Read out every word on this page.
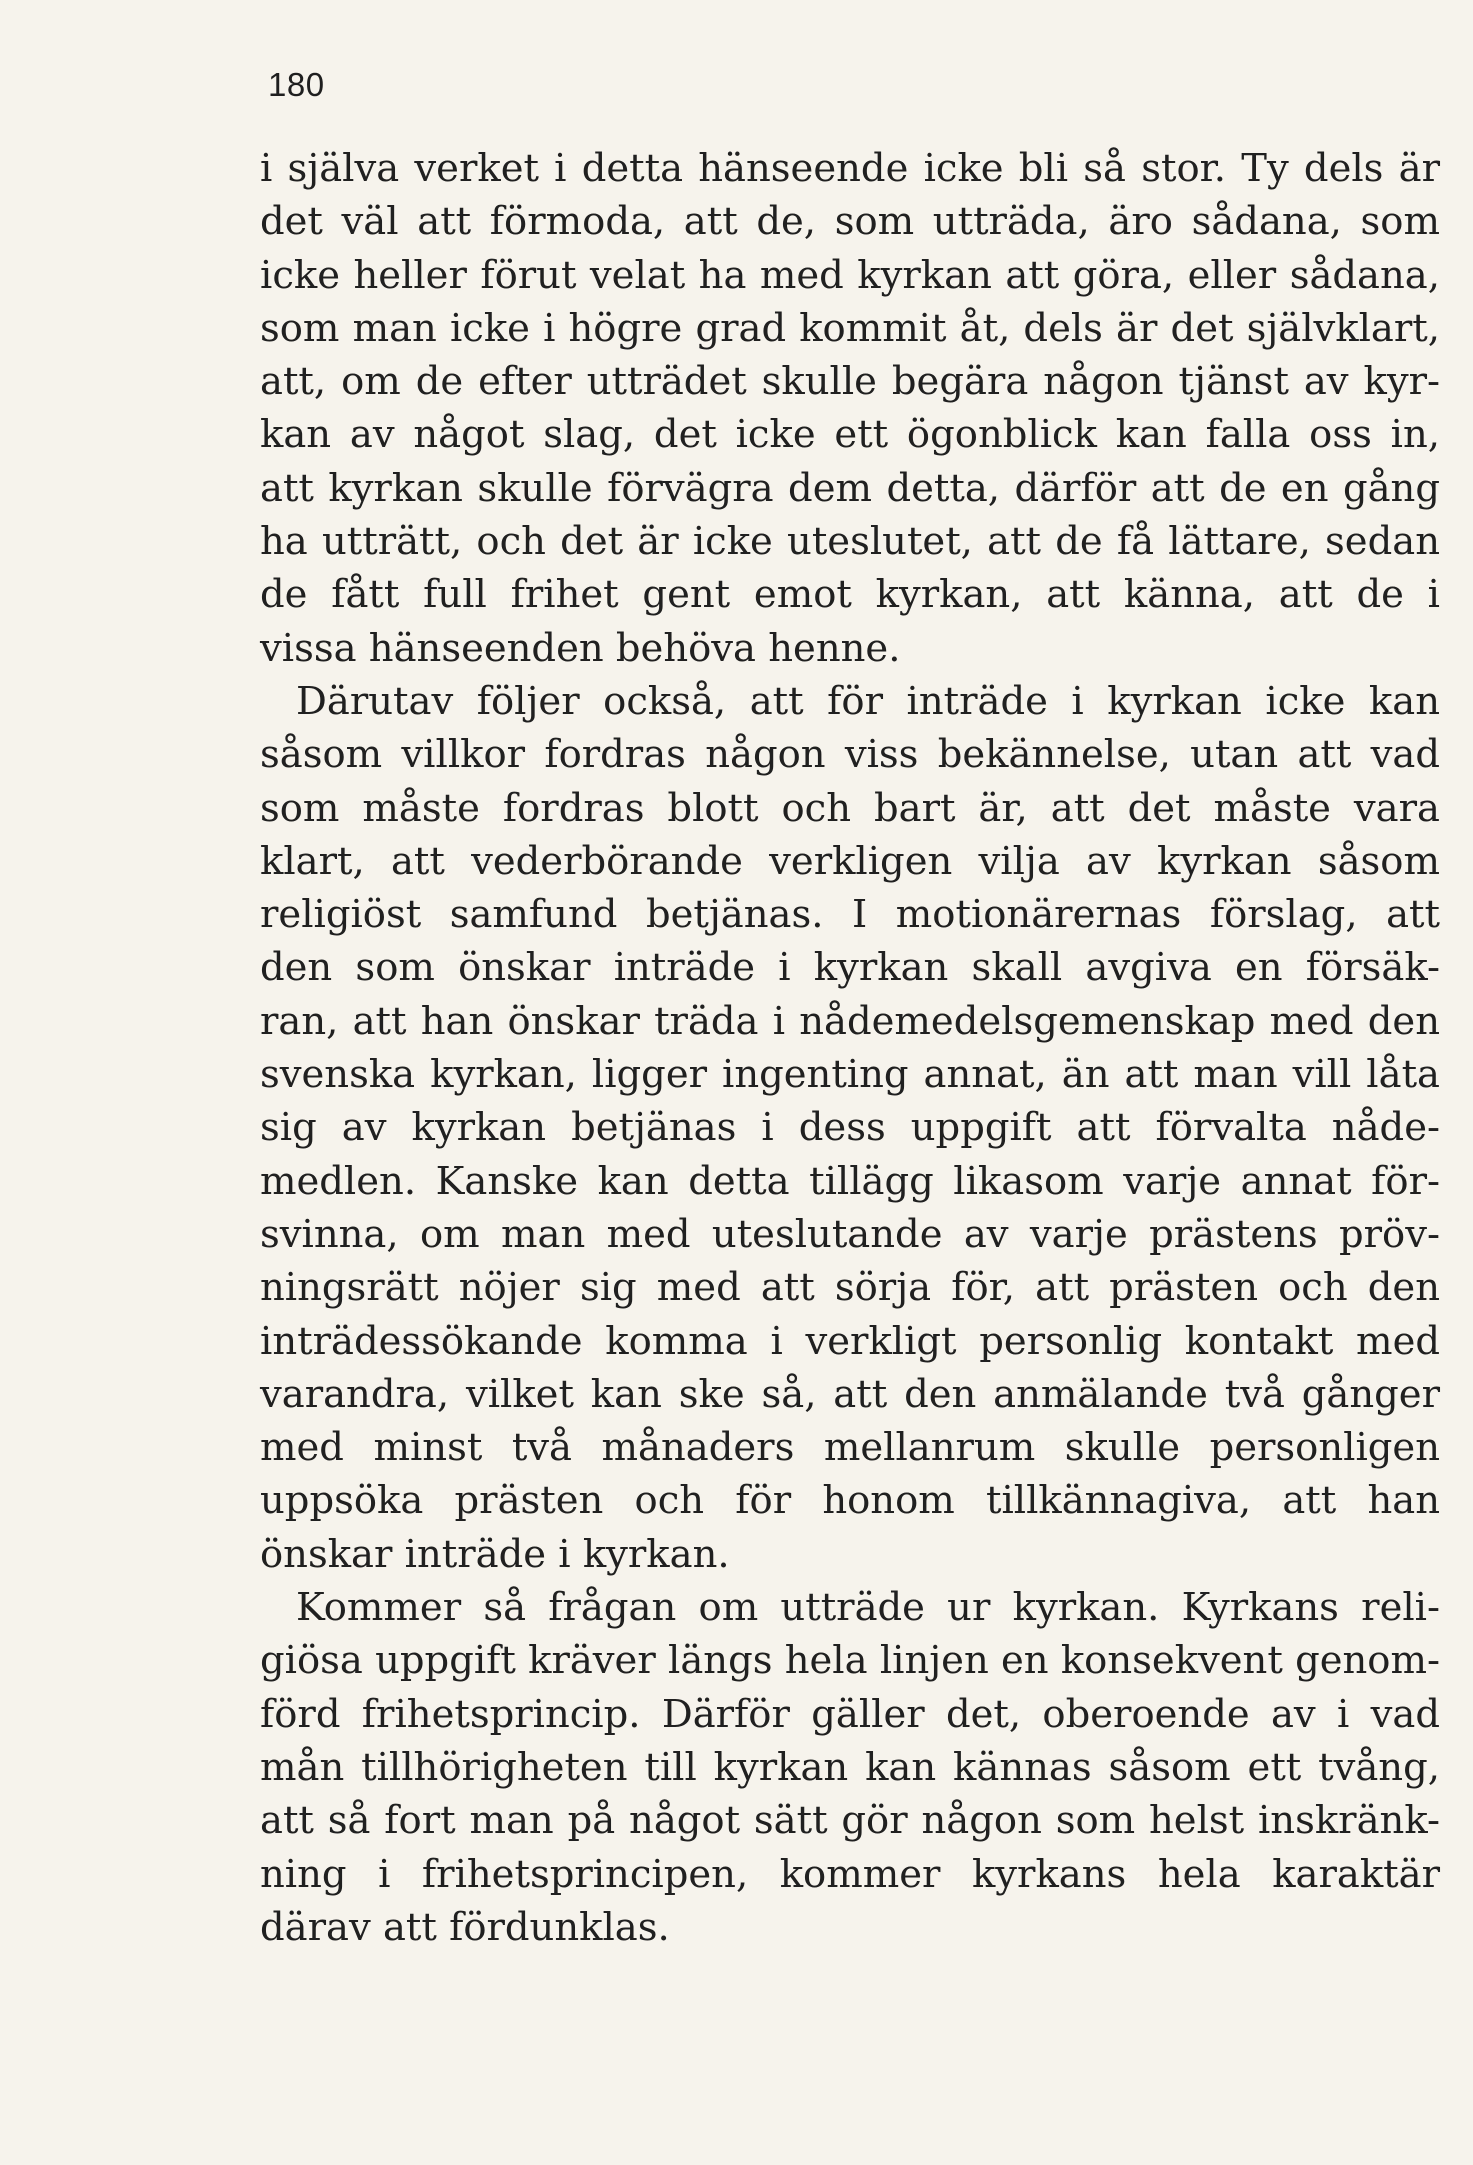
180
i själva verket i detta hänseende icke bli så stor. Ty dels är
det väl att förmoda, att de, som utträda, äro sådana, som
icke heller förut velat ha med kyrkan att göra, eller sådana,
som man icke i högre grad kommit åt, dels är det självklart,
att, om de efter utträdet skulle begära någon tjänst av kyr-
kan av något slag, det icke ett ögonblick kan falla oss in,
att kyrkan skulle förvägra dem detta, därför att de en gång
ha utträtt, och det är icke uteslutet, att de få lättare, sedan
de fått full frihet gent emot kyrkan, att känna, att de i
vissa hänseenden behöva henne.
Därutav följer också, att för inträde i kyrkan icke kan
såsom villkor fordras någon viss bekännelse, utan att vad
som måste fordras blott och bart är, att det måste vara
klart, att vederbörande verkligen vilja av kyrkan såsom
religiöst samfund betjänas. I motionärernas förslag, att
den som önskar inträde i kyrkan skall avgiva en försäk-
ran, att han önskar träda i nådemedelsgemenskap med den
svenska kyrkan, ligger ingenting annat, än att man vill låta
sig av kyrkan betjänas i dess uppgift att förvalta nåde-
medlen. Kanske kan detta tillägg likasom varje annat för-
svinna, om man med uteslutande av varje prästens pröv-
ningsrätt nöjer sig med att sörja för, att prästen och den
inträdessökande komma i verkligt personlig kontakt med
varandra, vilket kan ske så, att den anmälande två gånger
med minst två månaders mellanrum skulle personligen
uppsöka prästen och för honom tillkännagiva, att han
önskar inträde i kyrkan.
Kommer så frågan om utträde ur kyrkan. Kyrkans reli-
giösa uppgift kräver längs hela linjen en konsekvent genom-
förd frihetsprincip. Därför gäller det, oberoende av i vad
mån tillhörigheten till kyrkan kan kännas såsom ett tvång,
att så fort man på något sätt gör någon som helst inskränk-
ning i frihetsprincipen, kommer kyrkans hela karaktär
därav att fördunklas.
